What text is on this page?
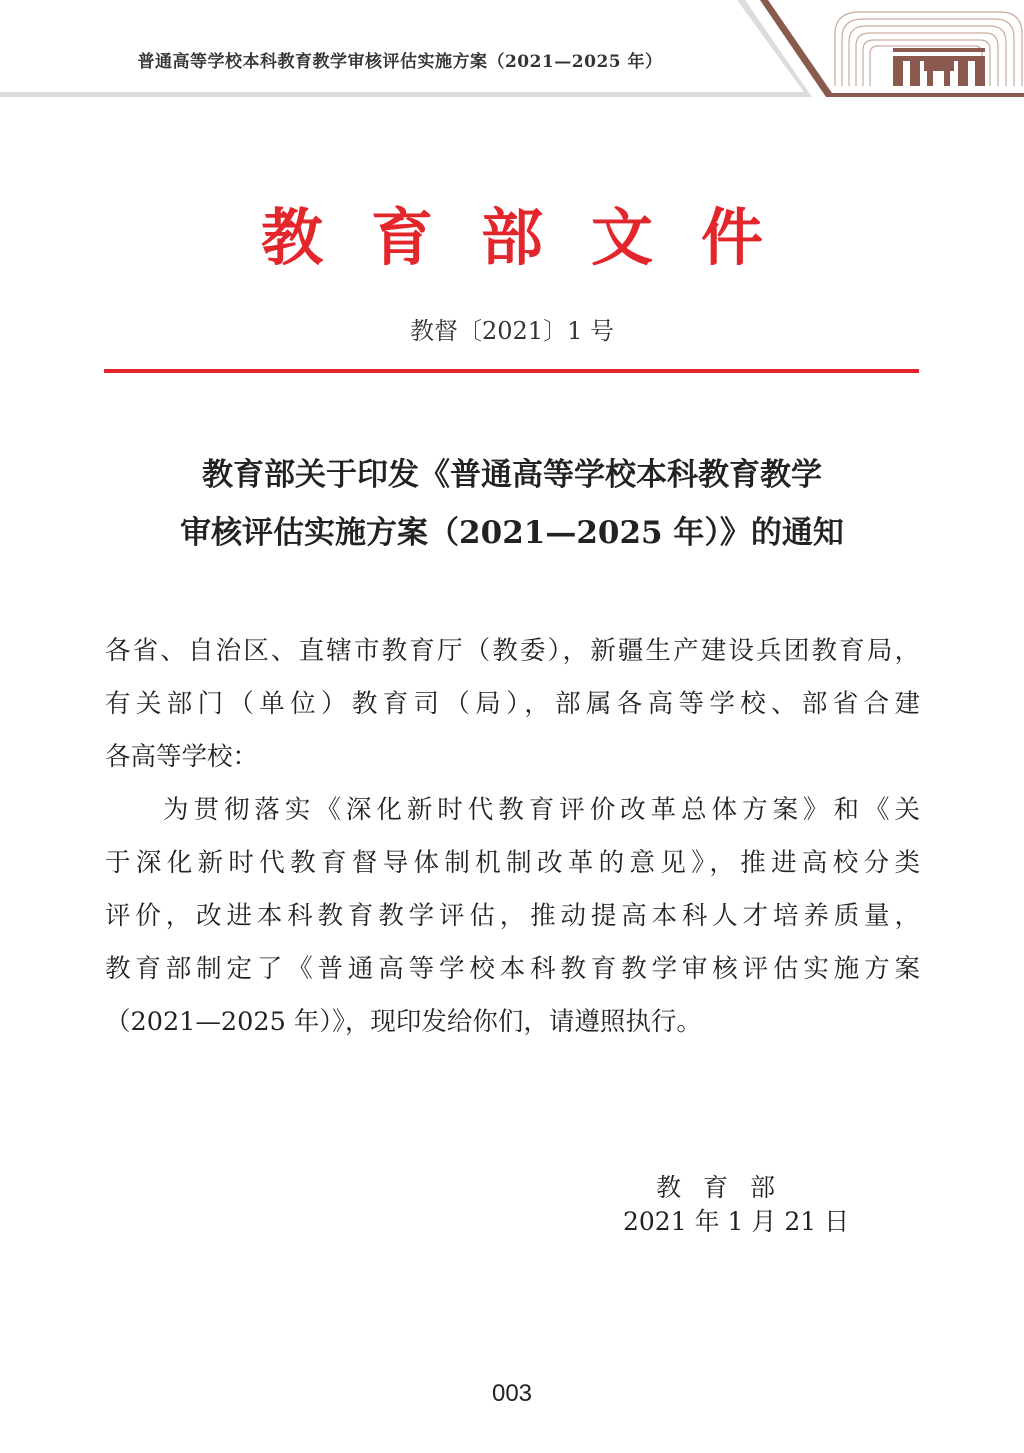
普通高等学校本科教育教学审核评估实施方案（2021—2025 年）
教育部文件
教督〔2021〕1 号
教育部关于印发《普通高等学校本科教育教学
审核评估实施方案（2021—2025 年）》的通知
各省、自治区、直辖市教育厅（教委），新疆生产建设兵团教育局，
有关部门（单位）教育司（局），部属各高等学校、部省合建
各高等学校：
为贯彻落实《深化新时代教育评价改革总体方案》和《关
于深化新时代教育督导体制机制改革的意见》，推进高校分类
评价，改进本科教育教学评估，推动提高本科人才培养质量，
教育部制定了《普通高等学校本科教育教学审核评估实施方案
（2021—2025 年）》，现印发给你们，请遵照执行。
教育部
2021 年 1 月 21 日
003
